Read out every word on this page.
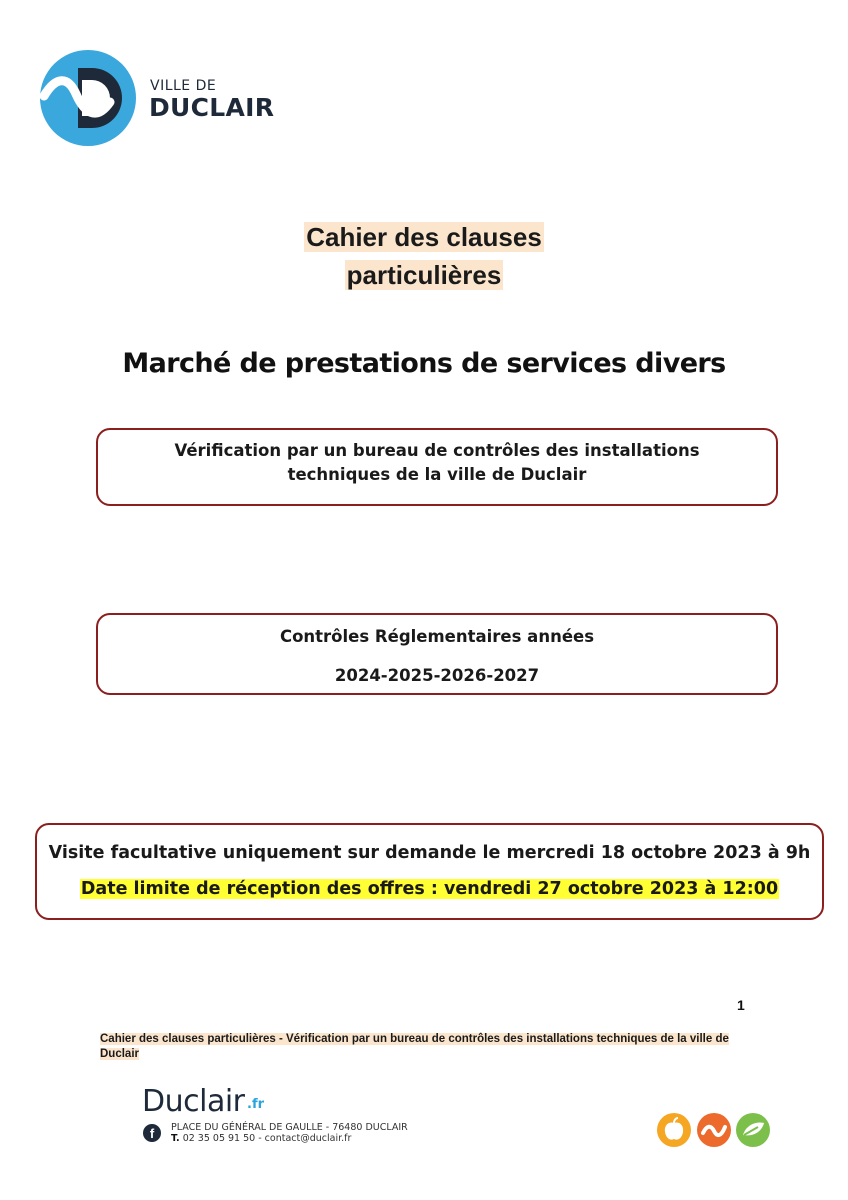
VILLE DE
DUCLAIR
Cahier des clauses
particulières
Marché de prestations de services divers
Vérification par un bureau de contrôles des installations
techniques de la ville de Duclair
Contrôles Réglementaires années
2024-2025-2026-2027
Visite facultative uniquement sur demande le mercredi 18 octobre 2023 à 9h
Date limite de réception des offres : vendredi 27 octobre 2023 à 12:00
1
Cahier des clauses particulières - Vérification par un bureau de contrôles des installations techniques de la ville de Duclair
Duclair .fr
f	PLACE DU GÉNÉRAL DE GAULLE - 76480 DUCLAIR
T. 02 35 05 91 50 - contact@duclair.fr
